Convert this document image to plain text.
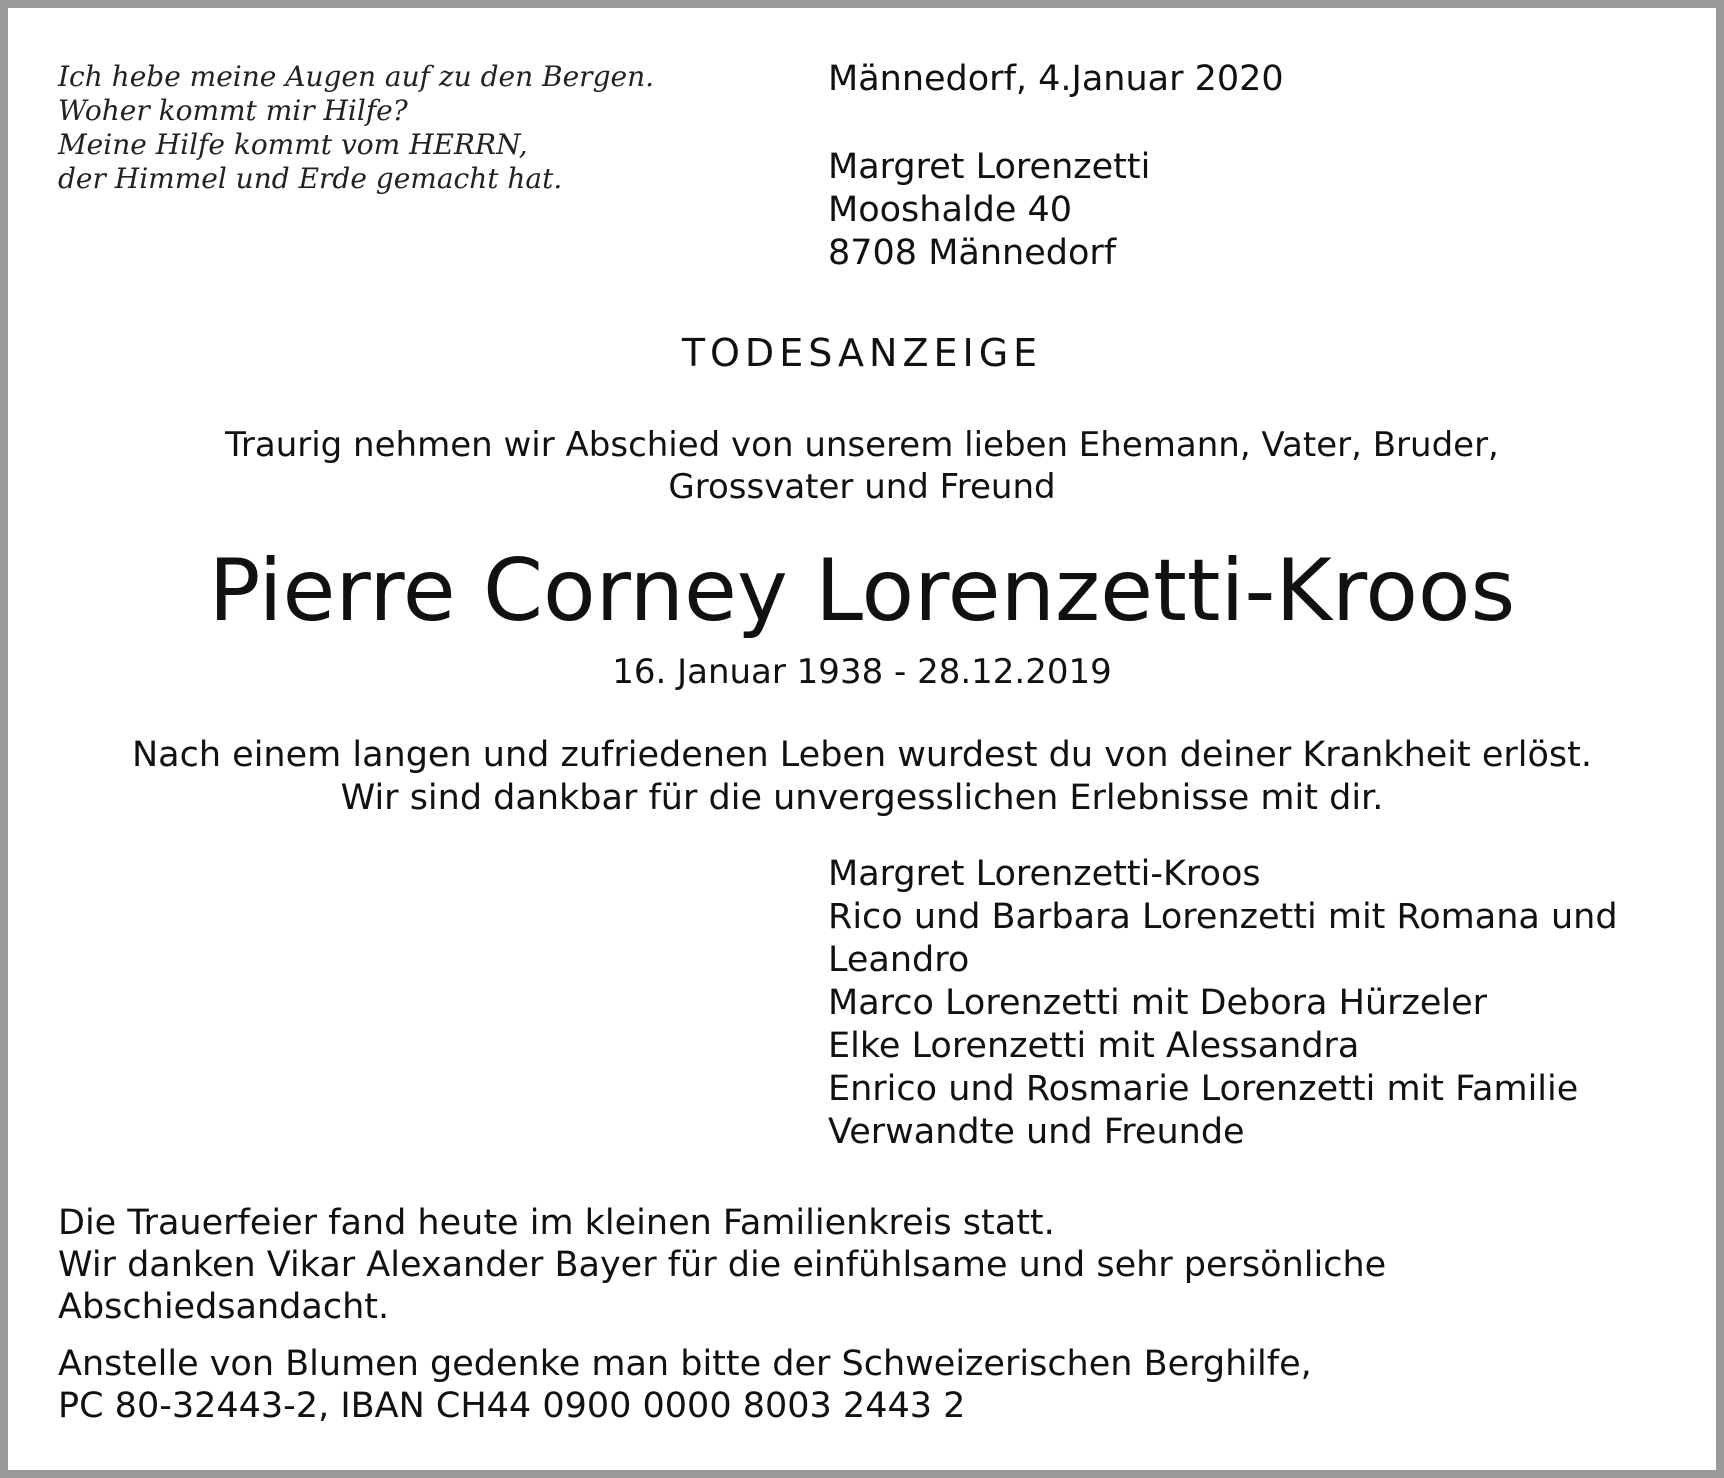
Ich hebe meine Augen auf zu den Bergen.
Woher kommt mir Hilfe?
Meine Hilfe kommt vom HERRN,
der Himmel und Erde gemacht hat.
Männedorf, 4.Januar 2020
Margret Lorenzetti
Mooshalde 40
8708 Männedorf
TODESANZEIGE
Traurig nehmen wir Abschied von unserem lieben Ehemann, Vater, Bruder,
Grossvater und Freund
Pierre Corney Lorenzetti-Kroos
16. Januar 1938 - 28.12.2019
Nach einem langen und zufriedenen Leben wurdest du von deiner Krankheit erlöst.
Wir sind dankbar für die unvergesslichen Erlebnisse mit dir.
Margret Lorenzetti-Kroos
Rico und Barbara Lorenzetti mit Romana und
Leandro
Marco Lorenzetti mit Debora Hürzeler
Elke Lorenzetti mit Alessandra
Enrico und Rosmarie Lorenzetti mit Familie
Verwandte und Freunde
Die Trauerfeier fand heute im kleinen Familienkreis statt.
Wir danken Vikar Alexander Bayer für die einfühlsame und sehr persönliche
Abschiedsandacht.
Anstelle von Blumen gedenke man bitte der Schweizerischen Berghilfe,
PC 80-32443-2, IBAN CH44 0900 0000 8003 2443 2
